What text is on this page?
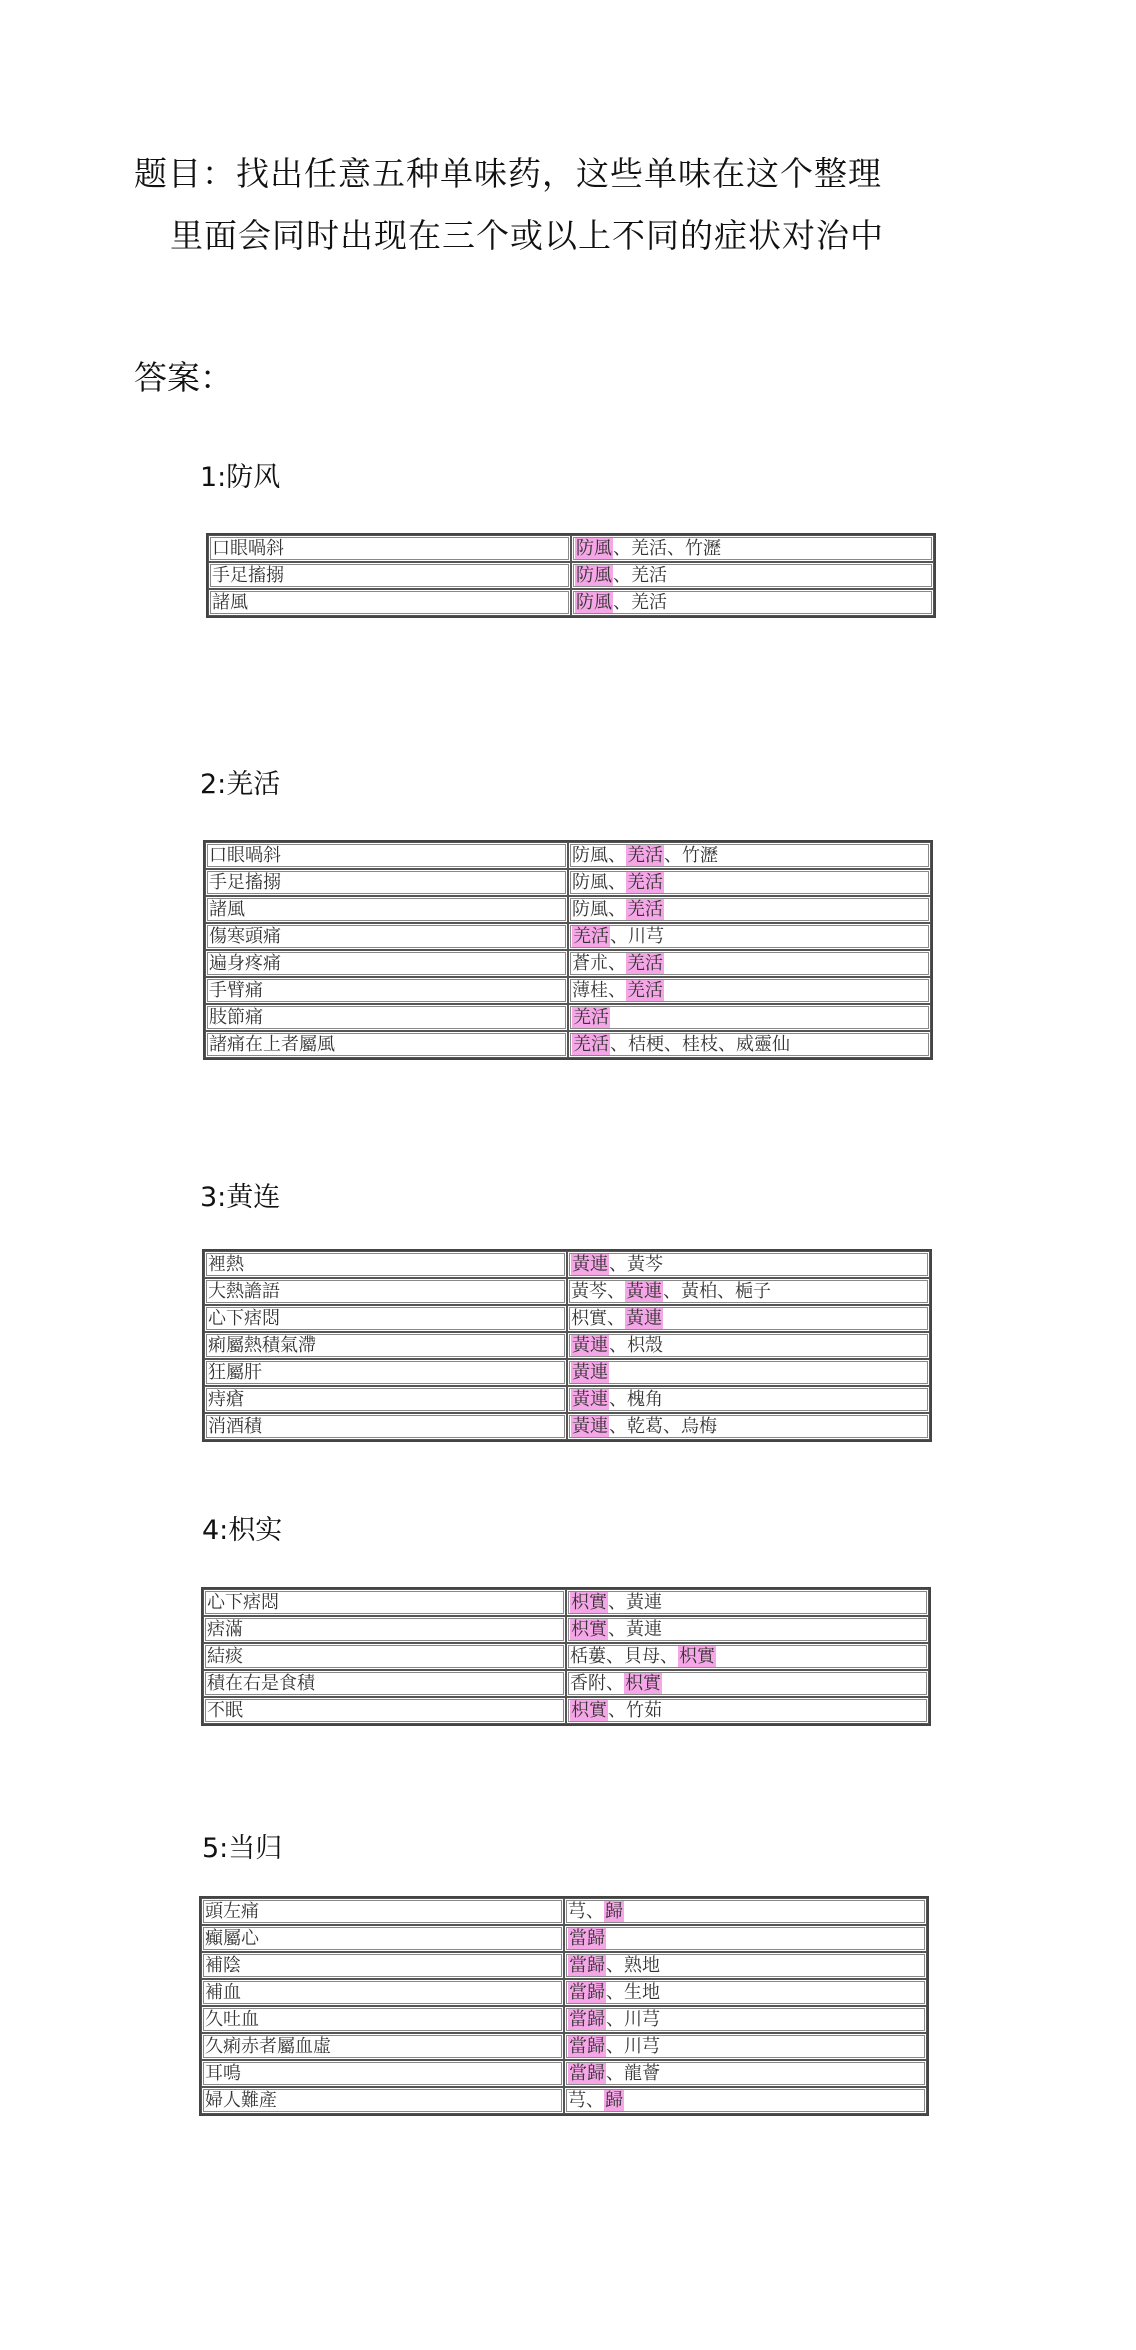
题目：找出任意五种单味药，这些单味在这个整理
里面会同时出现在三个或以上不同的症状对治中
答案：
1:防风
口眼喎斜	防風、羌活、竹瀝
手足搐搦	防風、羌活
諸風	防風、羌活
2:羌活
口眼喎斜	防風、羌活、竹瀝
手足搐搦	防風、羌活
諸風	防風、羌活
傷寒頭痛	羌活、川芎
遍身疼痛	蒼朮、羌活
手臂痛	薄桂、羌活
肢節痛	羌活
諸痛在上者屬風	羌活、桔梗、桂枝、威靈仙
3:黄连
裡熱	黃連、黃芩
大熱譫語	黃芩、黃連、黃柏、梔子
心下痞悶	枳實、黃連
痢屬熱積氣滯	黃連、枳殼
狂屬肝	黃連
痔瘡	黃連、槐角
消酒積	黃連、乾葛、烏梅
4:枳实
心下痞悶	枳實、黃連
痞滿	枳實、黃連
結痰	栝蔞、貝母、枳實
積在右是食積	香附、枳實
不眠	枳實、竹茹
5:当归
頭左痛	芎、歸
癲屬心	當歸
補陰	當歸、熟地
補血	當歸、生地
久吐血	當歸、川芎
久痢赤者屬血虛	當歸、川芎
耳鳴	當歸、龍薈
婦人難產	芎、歸
